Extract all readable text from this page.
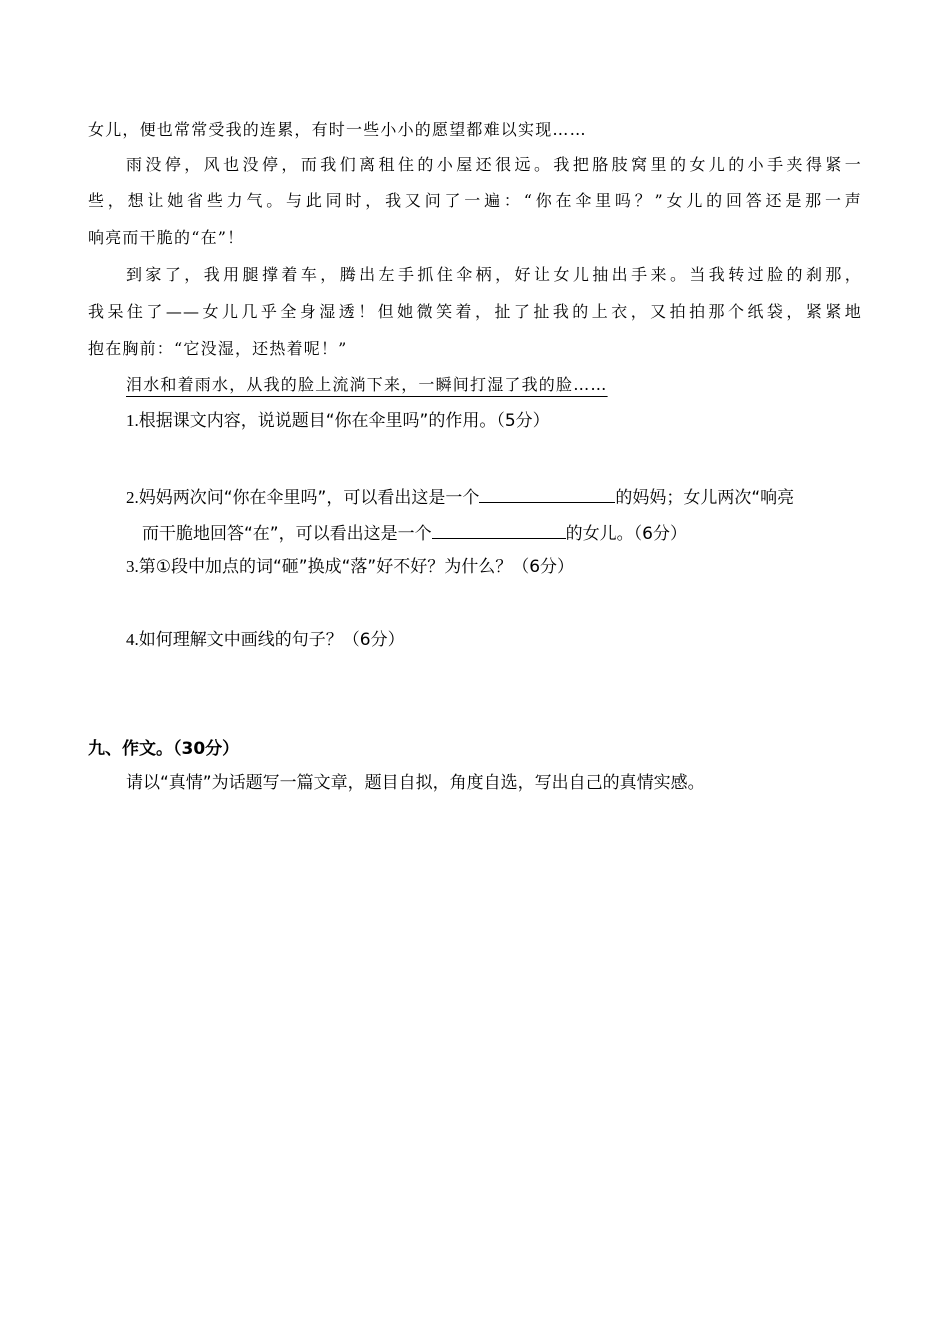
女儿，便也常常受我的连累，有时一些小小的愿望都难以实现……
雨没停，风也没停，而我们离租住的小屋还很远。我把胳肢窝里的女儿的小手夹得紧一
些，想让她省些力气。与此同时，我又问了一遍：“你在伞里吗？”女儿的回答还是那一声
响亮而干脆的“在”！
到家了，我用腿撑着车，腾出左手抓住伞柄，好让女儿抽出手来。当我转过脸的刹那，
我呆住了——女儿几乎全身湿透！但她微笑着，扯了扯我的上衣，又拍拍那个纸袋，紧紧地
抱在胸前：“它没湿，还热着呢！”
泪水和着雨水，从我的脸上流淌下来，一瞬间打湿了我的脸……
1.根据课文内容，说说题目“你在伞里吗”的作用。（5分）
2.妈妈两次问“你在伞里吗”，可以看出这是一个	的妈妈；女儿两次“响亮
而干脆地回答“在”，可以看出这是一个	的女儿。（6分）
3.第①段中加点的词“砸”换成“落”好不好？为什么？（6分）
4.如何理解文中画线的句子？（6分）
九、作文。（30分）
请以“真情”为话题写一篇文章，题目自拟，角度自选，写出自己的真情实感。
